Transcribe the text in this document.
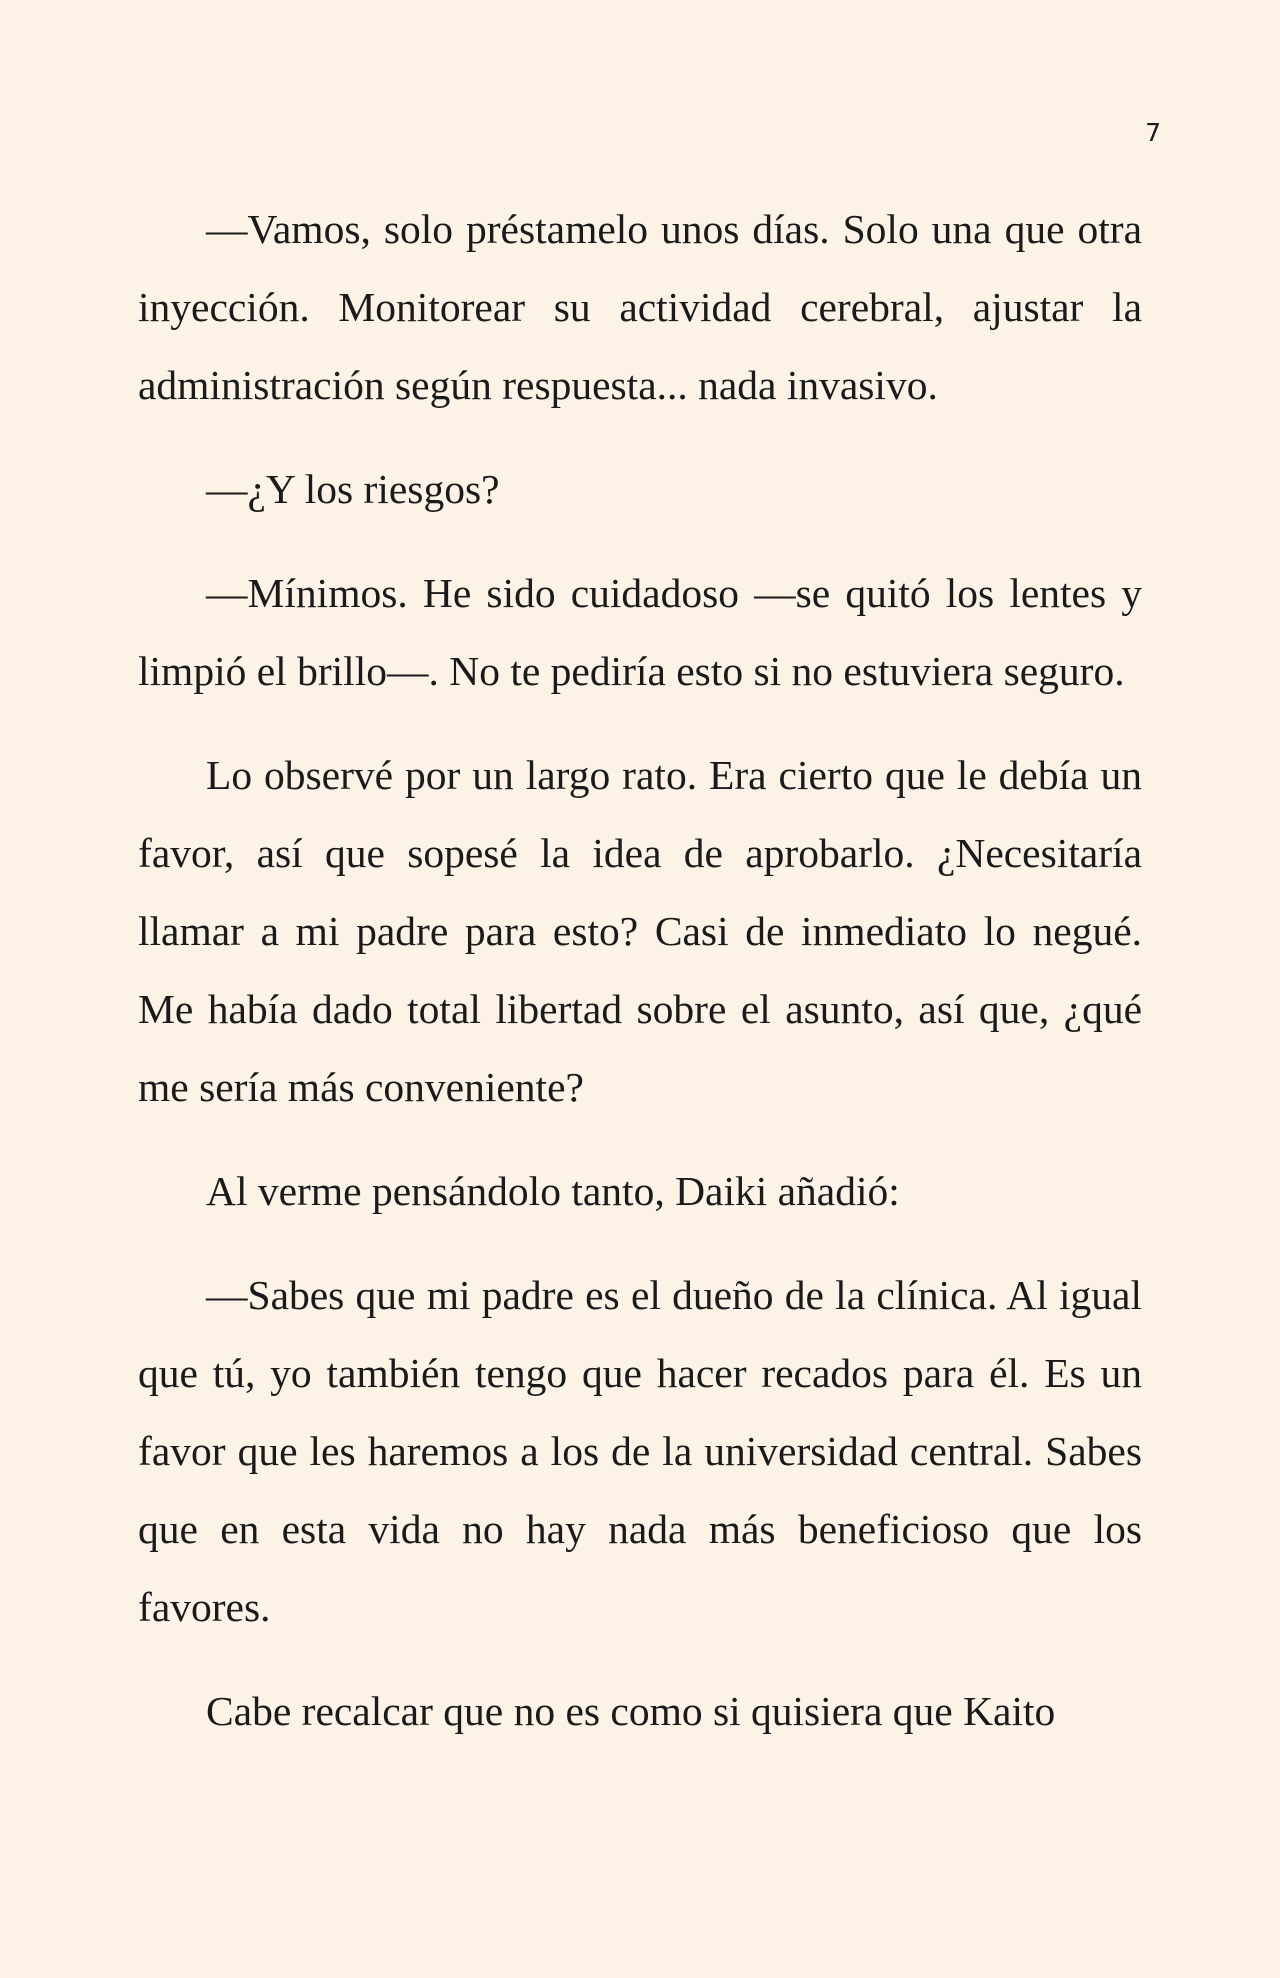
7

—Vamos, solo préstamelo unos días. Solo una que otra inyección. Monitorear su actividad cerebral, ajustar la administración según respuesta... nada invasivo.

—¿Y los riesgos?

—Mínimos. He sido cuidadoso —se quitó los lentes y limpió el brillo—. No te pediría esto si no estuviera seguro.

Lo observé por un largo rato. Era cierto que le debía un favor, así que sopesé la idea de aprobarlo. ¿Necesitaría llamar a mi padre para esto? Casi de inmediato lo negué. Me había dado total libertad sobre el asunto, así que, ¿qué me sería más conveniente?

Al verme pensándolo tanto, Daiki añadió:

—Sabes que mi padre es el dueño de la clínica. Al igual que tú, yo también tengo que hacer recados para él. Es un favor que les haremos a los de la universidad central. Sabes que en esta vida no hay nada más beneficioso que los favores.

Cabe recalcar que no es como si quisiera que Kaito
